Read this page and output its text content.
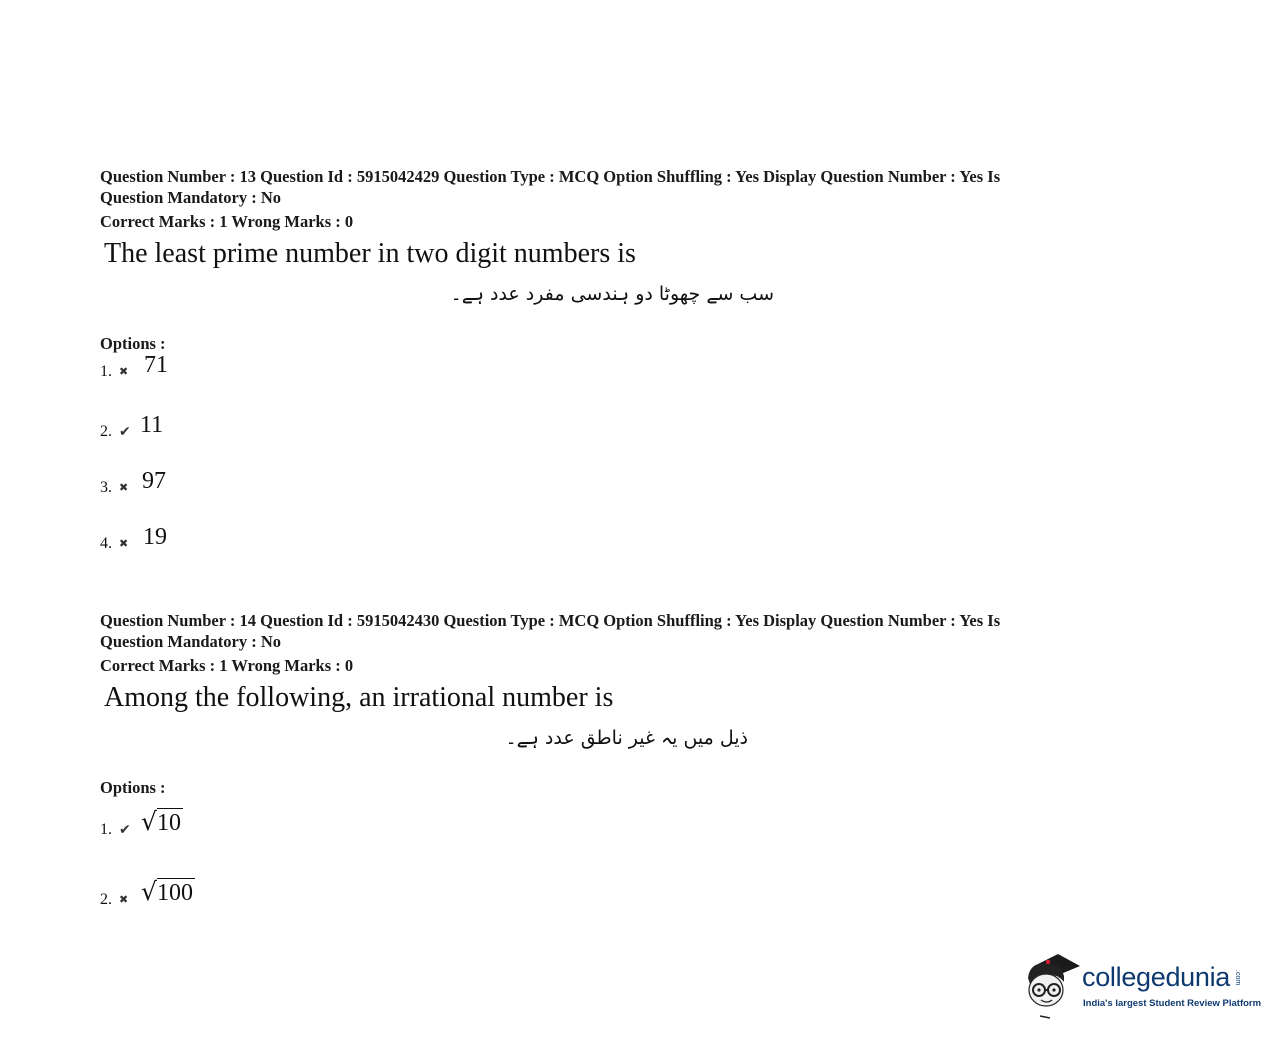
Question Number : 13 Question Id : 5915042429 Question Type : MCQ Option Shuffling : Yes Display Question Number : Yes Is
Question Mandatory : No
Correct Marks : 1 Wrong Marks : 0
The least prime number in two digit numbers is
سب سے چھوٹا دو ہندسی مفرد عدد ہے۔
Options :
1. ✖ 71
2. ✔ 11
3. ✖ 97
4. ✖ 19
Question Number : 14 Question Id : 5915042430 Question Type : MCQ Option Shuffling : Yes Display Question Number : Yes Is
Question Mandatory : No
Correct Marks : 1 Wrong Marks : 0
Among the following, an irrational number is
ذیل میں یہ غیر ناطق عدد ہے۔
Options :
1. ✔ √10
2. ✖ √100
collegedunia .com
India's largest Student Review Platform
